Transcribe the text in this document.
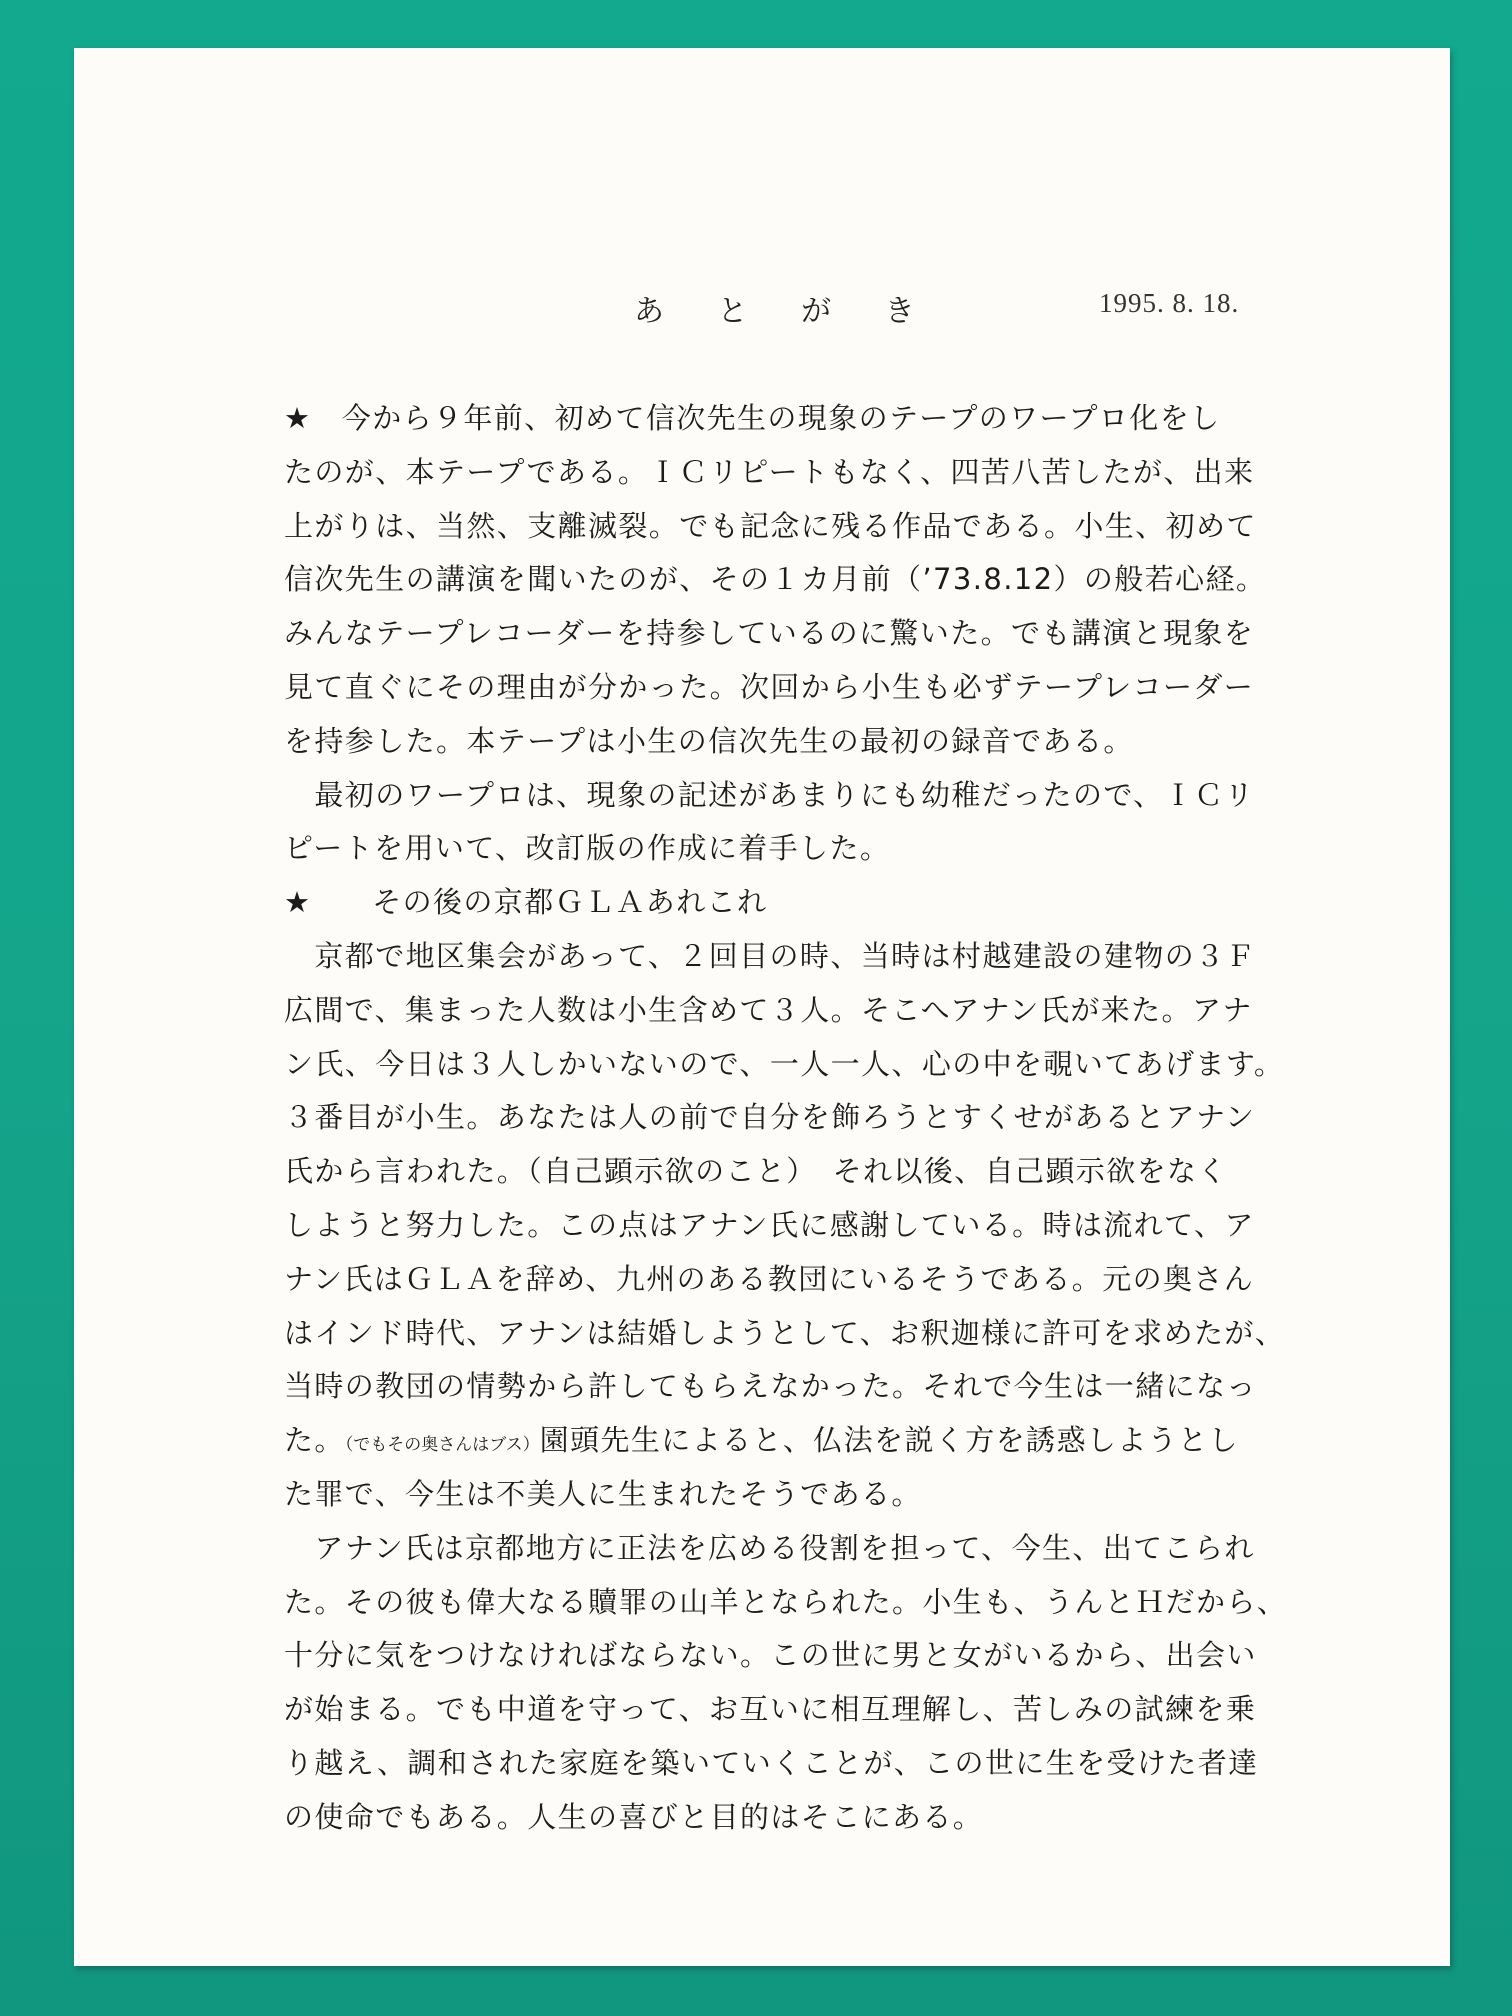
あ と が き	1995. 8. 18.
★　今から９年前、初めて信次先生の現象のテープのワープロ化をし
たのが、本テープである。ＩＣリピートもなく、四苦八苦したが、出来
上がりは、当然、支離滅裂。でも記念に残る作品である。小生、初めて
信次先生の講演を聞いたのが、その１カ月前（’73.8.12）の般若心経。
みんなテープレコーダーを持参しているのに驚いた。でも講演と現象を
見て直ぐにその理由が分かった。次回から小生も必ずテープレコーダー
を持参した。本テープは小生の信次先生の最初の録音である。
　最初のワープロは、現象の記述があまりにも幼稚だったので、ＩＣリ
ピートを用いて、改訂版の作成に着手した。
★　　その後の京都ＧＬＡあれこれ
　京都で地区集会があって、２回目の時、当時は村越建設の建物の３Ｆ
広間で、集まった人数は小生含めて３人。そこへアナン氏が来た。アナ
ン氏、今日は３人しかいないので、一人一人、心の中を覗いてあげます。
３番目が小生。あなたは人の前で自分を飾ろうとすくせがあるとアナン
氏から言われた。（自己顕示欲のこと）　それ以後、自己顕示欲をなく
しようと努力した。この点はアナン氏に感謝している。時は流れて、ア
ナン氏はＧＬＡを辞め、九州のある教団にいるそうである。元の奥さん
はインド時代、アナンは結婚しようとして、お釈迦様に許可を求めたが、
当時の教団の情勢から許してもらえなかった。それで今生は一緒になっ
た。（でもその奥さんはブス）園頭先生によると、仏法を説く方を誘惑しようとし
た罪で、今生は不美人に生まれたそうである。
　アナン氏は京都地方に正法を広める役割を担って、今生、出てこられ
た。その彼も偉大なる贖罪の山羊となられた。小生も、うんとＨだから、
十分に気をつけなければならない。この世に男と女がいるから、出会い
が始まる。でも中道を守って、お互いに相互理解し、苦しみの試練を乗
り越え、調和された家庭を築いていくことが、この世に生を受けた者達
の使命でもある。人生の喜びと目的はそこにある。
